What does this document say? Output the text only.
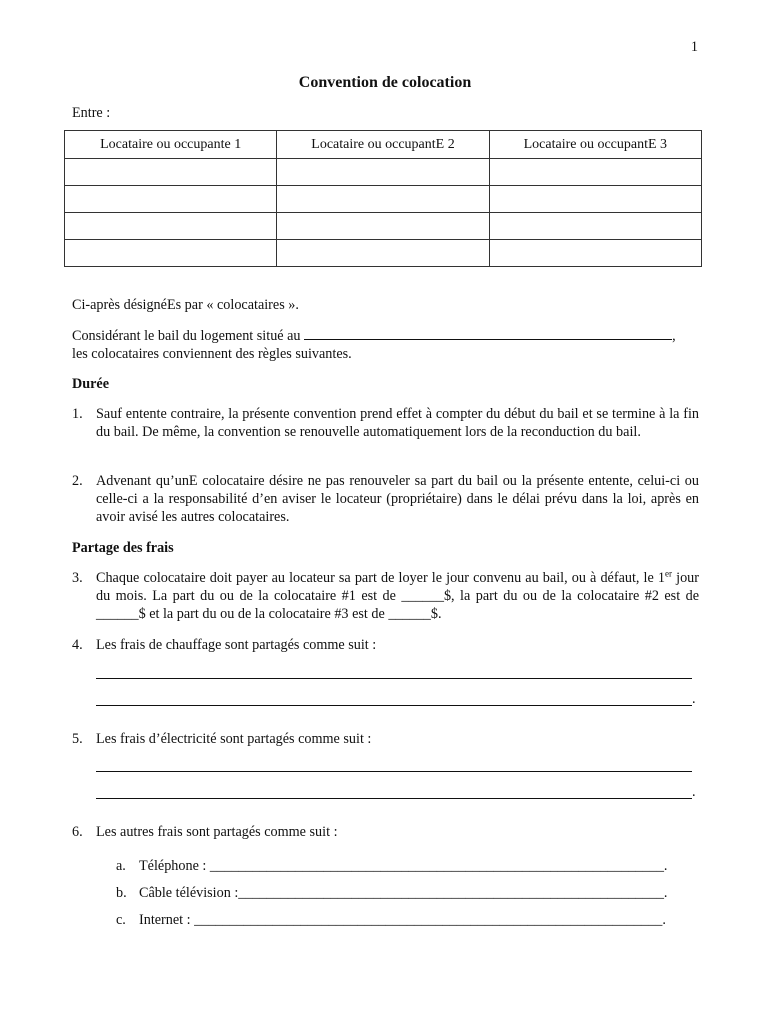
1
Convention de colocation
Entre :
Locataire ou occupante 1	Locataire ou occupantE 2	Locataire ou occupantE 3

Ci-après désignéEs par « colocataires ».
Considérant le bail du logement situé au	,
les colocataires conviennent des règles suivantes.
Durée
1. Sauf entente contraire, la présente convention prend effet à compter du début du bail et se termine à la fin du bail. De même, la convention se renouvelle automatiquement lors de la reconduction du bail.
2. Advenant qu’unE colocataire désire ne pas renouveler sa part du bail ou la présente entente, celui-ci ou celle-ci a la responsabilité d’en aviser le locateur (propriétaire) dans le délai prévu dans la loi, après en avoir avisé les autres colocataires.
Partage des frais
3. Chaque colocataire doit payer au locateur sa part de loyer le jour convenu au bail, ou à défaut, le 1er jour du mois. La part du ou de la colocataire #1 est de ______$, la part du ou de la colocataire #2 est de ______$ et la part du ou de la colocataire #3 est de ______$.
4. Les frais de chauffage sont partagés comme suit :
.
5. Les frais d’électricité sont partagés comme suit :
.
6. Les autres frais sont partagés comme suit :
a. Téléphone : ________________________________________________________________.
b. Câble télévision :____________________________________________________________.
c. Internet : __________________________________________________________________.
